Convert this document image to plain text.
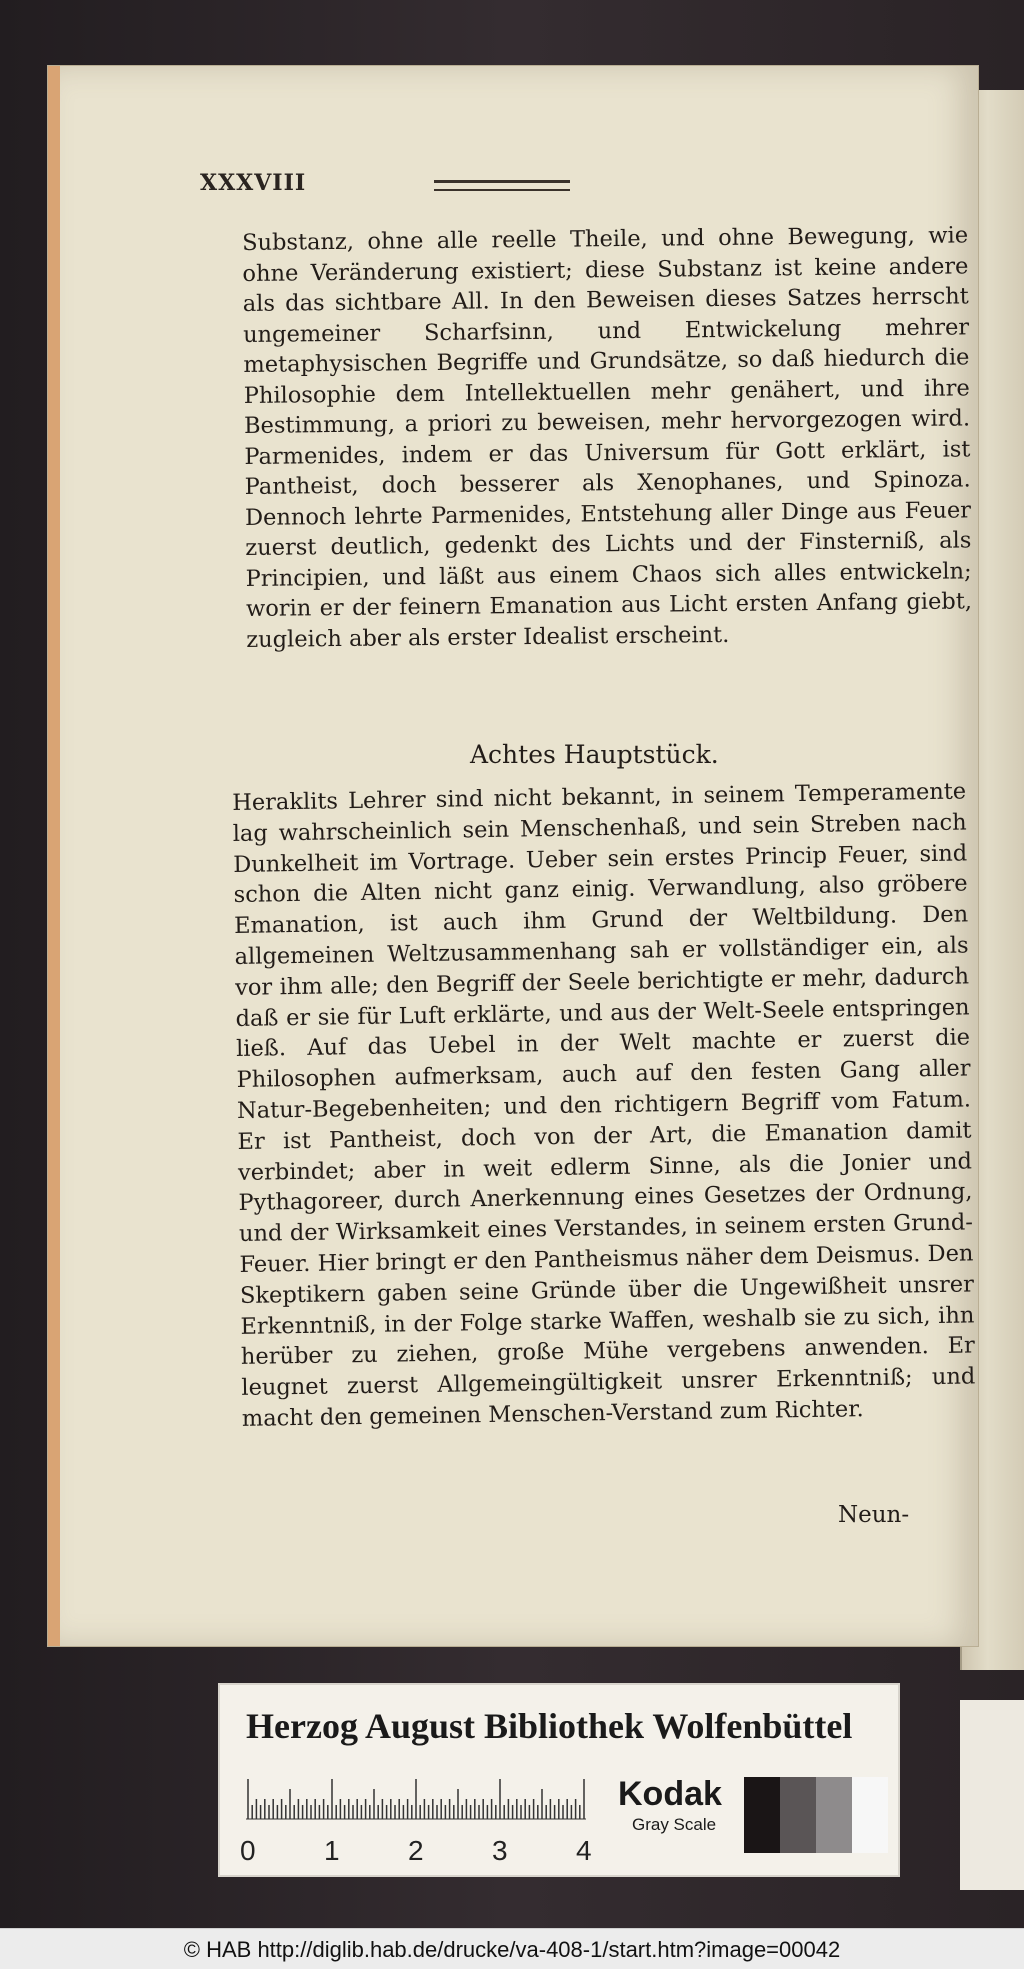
XXXVIII

Substanz, ohne alle reelle Theile, und ohne Bewegung, wie ohne Veränderung existiert; diese Substanz ist keine andere als das sichtbare All. In den Beweisen dieses Satzes herrscht ungemeiner Scharfsinn, und Entwickelung mehrer metaphysischen Begriffe und Grundsätze, so daß hiedurch die Philosophie dem Intellektuellen mehr genähert, und ihre Bestimmung, a priori zu beweisen, mehr hervorgezogen wird. Parmenides, indem er das Universum für Gott erklärt, ist Pantheist, doch besserer als Xenophanes, und Spinoza. Dennoch lehrte Parmenides, Entstehung aller Dinge aus Feuer zuerst deutlich, gedenkt des Lichts und der Finsterniß, als Principien, und läßt aus einem Chaos sich alles entwickeln; worin er der feinern Emanation aus Licht ersten Anfang giebt, zugleich aber als erster Idealist erscheint.

Achtes Hauptstück.

Heraklits Lehrer sind nicht bekannt, in seinem Temperamente lag wahrscheinlich sein Menschenhaß, und sein Streben nach Dunkelheit im Vortrage. Ueber sein erstes Princip Feuer, sind schon die Alten nicht ganz einig. Verwandlung, also gröbere Emanation, ist auch ihm Grund der Weltbildung. Den allgemeinen Weltzusammenhang sah er vollständiger ein, als vor ihm alle; den Begriff der Seele berichtigte er mehr, dadurch daß er sie für Luft erklärte, und aus der Welt-Seele entspringen ließ. Auf das Uebel in der Welt machte er zuerst die Philosophen aufmerksam, auch auf den festen Gang aller Natur-Begebenheiten; und den richtigern Begriff vom Fatum. Er ist Pantheist, doch von der Art, die Emanation damit verbindet; aber in weit edlerm Sinne, als die Jonier und Pythagoreer, durch Anerkennung eines Gesetzes der Ordnung, und der Wirksamkeit eines Verstandes, in seinem ersten Grund-Feuer. Hier bringt er den Pantheismus näher dem Deismus. Den Skeptikern gaben seine Gründe über die Ungewißheit unsrer Erkenntniß, in der Folge starke Waffen, weshalb sie zu sich, ihn herüber zu ziehen, große Mühe vergebens anwenden. Er leugnet zuerst Allgemeingültigkeit unsrer Erkenntniß; und macht den gemeinen Menschen-Verstand zum Richter.

Neun-
Herzog August Bibliothek Wolfenbüttel
0 1 2 3 4
Kodak
Gray Scale
© HAB http://diglib.hab.de/drucke/va-408-1/start.htm?image=00042
